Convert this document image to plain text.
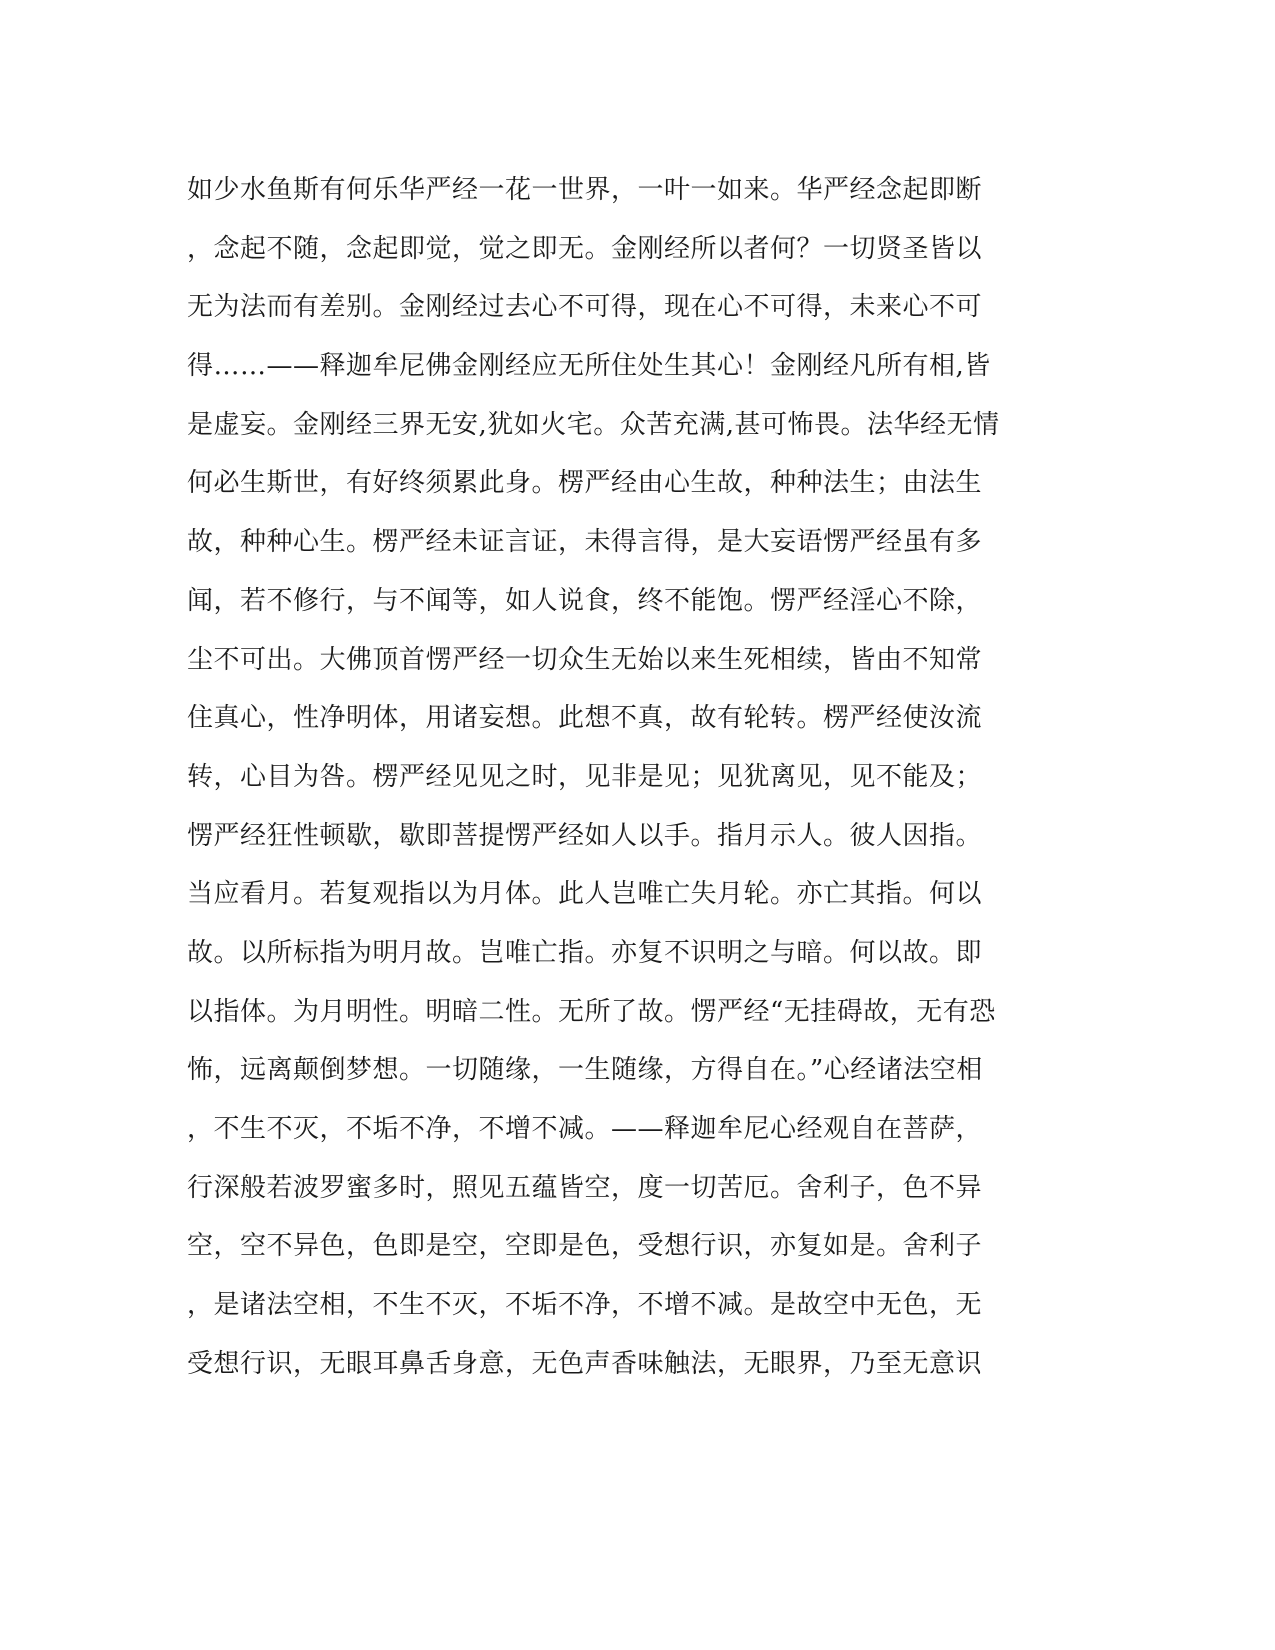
如少水鱼斯有何乐华严经一花一世界，一叶一如来。华严经念起即断
，念起不随，念起即觉，觉之即无。金刚经所以者何？一切贤圣皆以
无为法而有差别。金刚经过去心不可得，现在心不可得，未来心不可
得……——释迦牟尼佛金刚经应无所住处生其心！金刚经凡所有相,皆
是虚妄。金刚经三界无安,犹如火宅。众苦充满,甚可怖畏。法华经无情
何必生斯世，有好终须累此身。楞严经由心生故，种种法生；由法生
故，种种心生。楞严经未证言证，未得言得，是大妄语愣严经虽有多
闻，若不修行，与不闻等，如人说食，终不能饱。愣严经淫心不除，
尘不可出。大佛顶首愣严经一切众生无始以来生死相续，皆由不知常
住真心，性净明体，用诸妄想。此想不真，故有轮转。楞严经使汝流
转，心目为咎。楞严经见见之时，见非是见；见犹离见，见不能及；
愣严经狂性顿歇，歇即菩提愣严经如人以手。指月示人。彼人因指。
当应看月。若复观指以为月体。此人岂唯亡失月轮。亦亡其指。何以
故。以所标指为明月故。岂唯亡指。亦复不识明之与暗。何以故。即
以指体。为月明性。明暗二性。无所了故。愣严经“无挂碍故，无有恐
怖，远离颠倒梦想。一切随缘，一生随缘，方得自在。”心经诸法空相
，不生不灭，不垢不净，不增不减。——释迦牟尼心经观自在菩萨，
行深般若波罗蜜多时，照见五蕴皆空，度一切苦厄。舍利子，色不异
空，空不异色，色即是空，空即是色，受想行识，亦复如是。舍利子
，是诸法空相，不生不灭，不垢不净，不增不减。是故空中无色，无
受想行识，无眼耳鼻舌身意，无色声香味触法，无眼界，乃至无意识
